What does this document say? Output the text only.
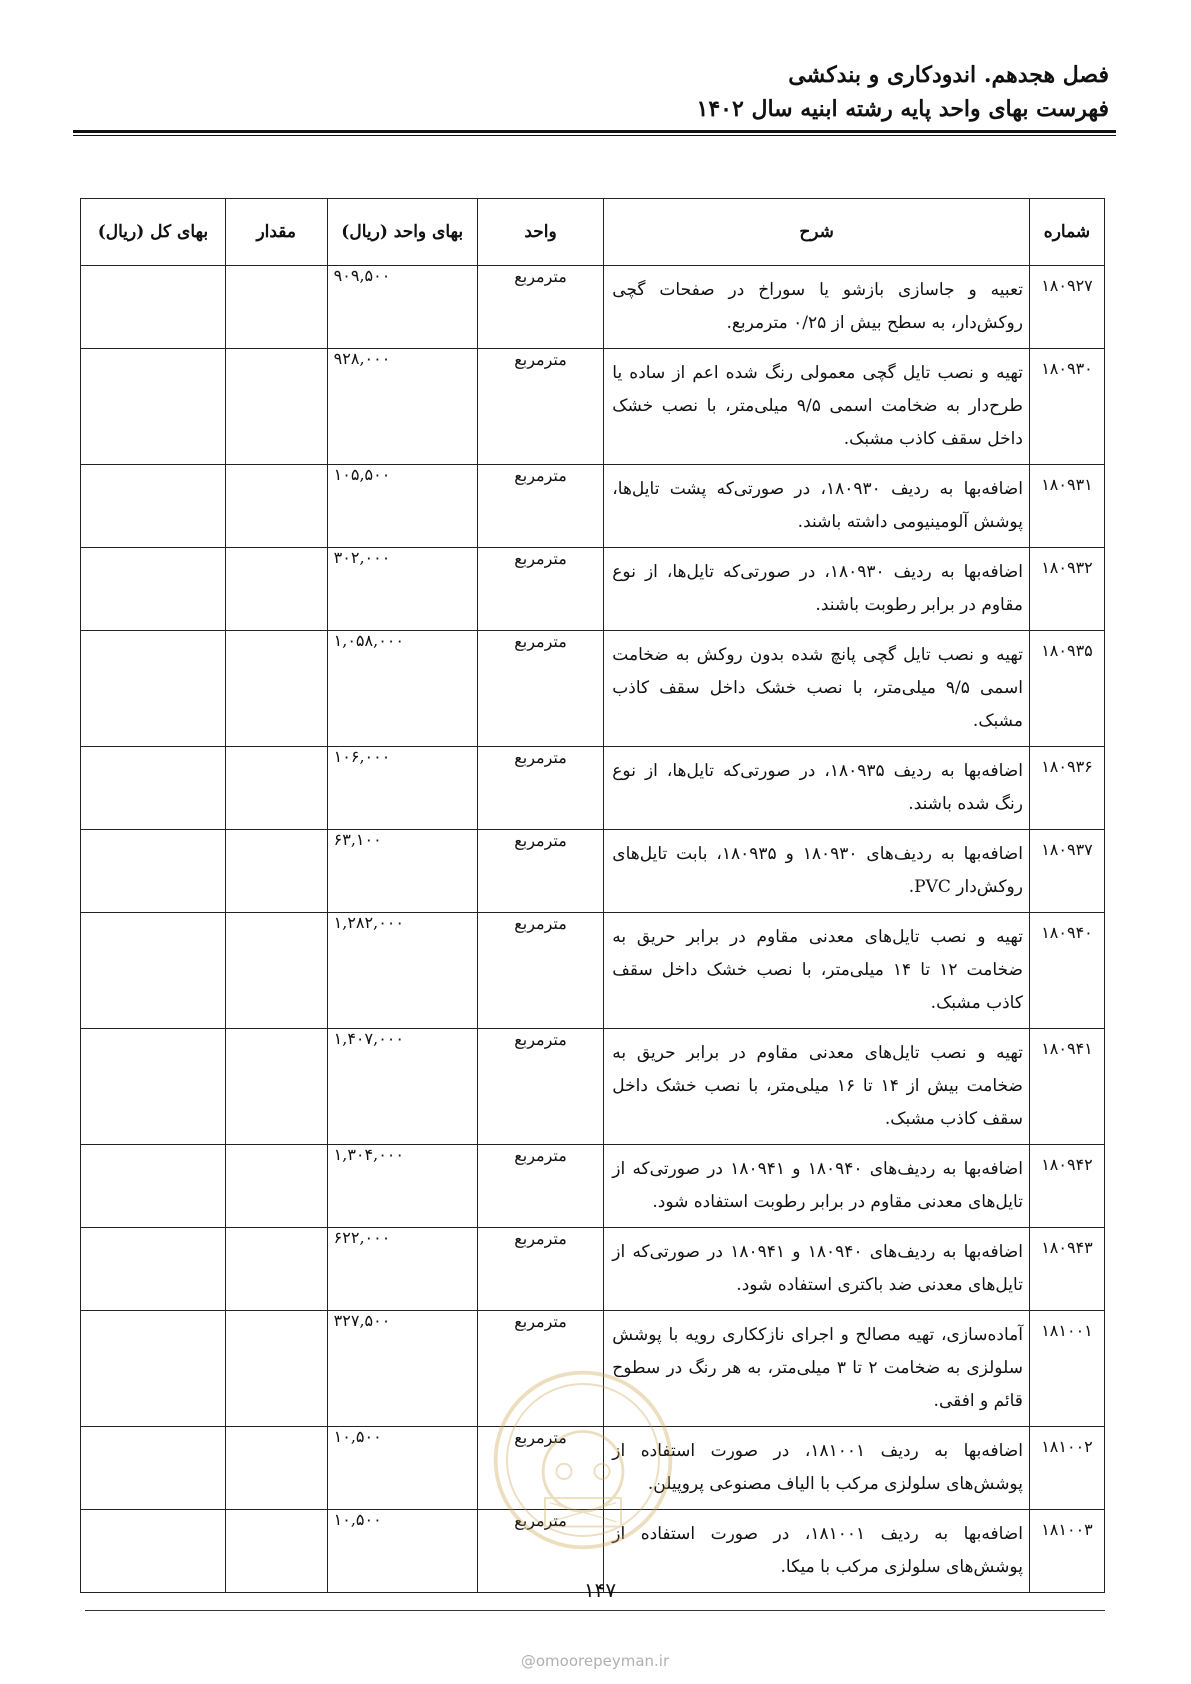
فصل هجدهم. اندودکاری و بندکشی
فهرست بهای واحد پایه رشته ابنیه سال ۱۴۰۲
شماره	شرح	واحد	بهای واحد (ریال)	مقدار	بهای کل (ریال)
۱۸۰۹۲۷	تعبیه و جاسازی بازشو یا سوراخ در صفحات گچی روکش‌دار، به سطح بیش از ۰/۲۵ مترمربع.	مترمربع	۹۰۹,۵۰۰		
۱۸۰۹۳۰	تهیه و نصب تایل گچی معمولی رنگ شده اعم از ساده یا طرح‌دار به ضخامت اسمی ۹/۵ میلی‌متر، با نصب خشک داخل سقف کاذب مشبک.	مترمربع	۹۲۸,۰۰۰		
۱۸۰۹۳۱	اضافه‌بها به ردیف ۱۸۰۹۳۰، در صورتی‌که پشت تایل‌ها، پوشش آلومینیومی داشته باشند.	مترمربع	۱۰۵,۵۰۰		
۱۸۰۹۳۲	اضافه‌بها به ردیف ۱۸۰۹۳۰، در صورتی‌که تایل‌ها، از نوع مقاوم در برابر رطوبت باشند.	مترمربع	۳۰۲,۰۰۰		
۱۸۰۹۳۵	تهیه و نصب تایل گچی پانچ شده بدون روکش به ضخامت اسمی ۹/۵ میلی‌متر، با نصب خشک داخل سقف کاذب مشبک.	مترمربع	۱,۰۵۸,۰۰۰		
۱۸۰۹۳۶	اضافه‌بها به ردیف ۱۸۰۹۳۵، در صورتی‌که تایل‌ها، از نوع رنگ شده باشند.	مترمربع	۱۰۶,۰۰۰		
۱۸۰۹۳۷	اضافه‌بها به ردیف‌های ۱۸۰۹۳۰ و ۱۸۰۹۳۵، بابت تایل‌های روکش‌دار PVC.	مترمربع	۶۳,۱۰۰		
۱۸۰۹۴۰	تهیه و نصب تایل‌های معدنی مقاوم در برابر حریق به ضخامت ۱۲ تا ۱۴ میلی‌متر، با نصب خشک داخل سقف کاذب مشبک.	مترمربع	۱,۲۸۲,۰۰۰		
۱۸۰۹۴۱	تهیه و نصب تایل‌های معدنی مقاوم در برابر حریق به ضخامت بیش از ۱۴ تا ۱۶ میلی‌متر، با نصب خشک داخل سقف کاذب مشبک.	مترمربع	۱,۴۰۷,۰۰۰		
۱۸۰۹۴۲	اضافه‌بها به ردیف‌های ۱۸۰۹۴۰ و ۱۸۰۹۴۱ در صورتی‌که از تایل‌های معدنی مقاوم در برابر رطوبت استفاده شود.	مترمربع	۱,۳۰۴,۰۰۰		
۱۸۰۹۴۳	اضافه‌بها به ردیف‌های ۱۸۰۹۴۰ و ۱۸۰۹۴۱ در صورتی‌که از تایل‌های معدنی ضد باکتری استفاده شود.	مترمربع	۶۲۲,۰۰۰		
۱۸۱۰۰۱	آماده‌سازی، تهیه مصالح و اجرای نازککاری رویه با پوشش سلولزی به ضخامت ۲ تا ۳ میلی‌متر، به هر رنگ در سطوح قائم و افقی.	مترمربع	۳۲۷,۵۰۰		
۱۸۱۰۰۲	اضافه‌بها به ردیف ۱۸۱۰۰۱، در صورت استفاده از پوشش‌های سلولزی مرکب با الیاف مصنوعی پروپیلن.	مترمربع	۱۰,۵۰۰		
۱۸۱۰۰۳	اضافه‌بها به ردیف ۱۸۱۰۰۱، در صورت استفاده از پوشش‌های سلولزی مرکب با میکا.	مترمربع	۱۰,۵۰۰		
۱۴۷
@omoorepeyman.ir
